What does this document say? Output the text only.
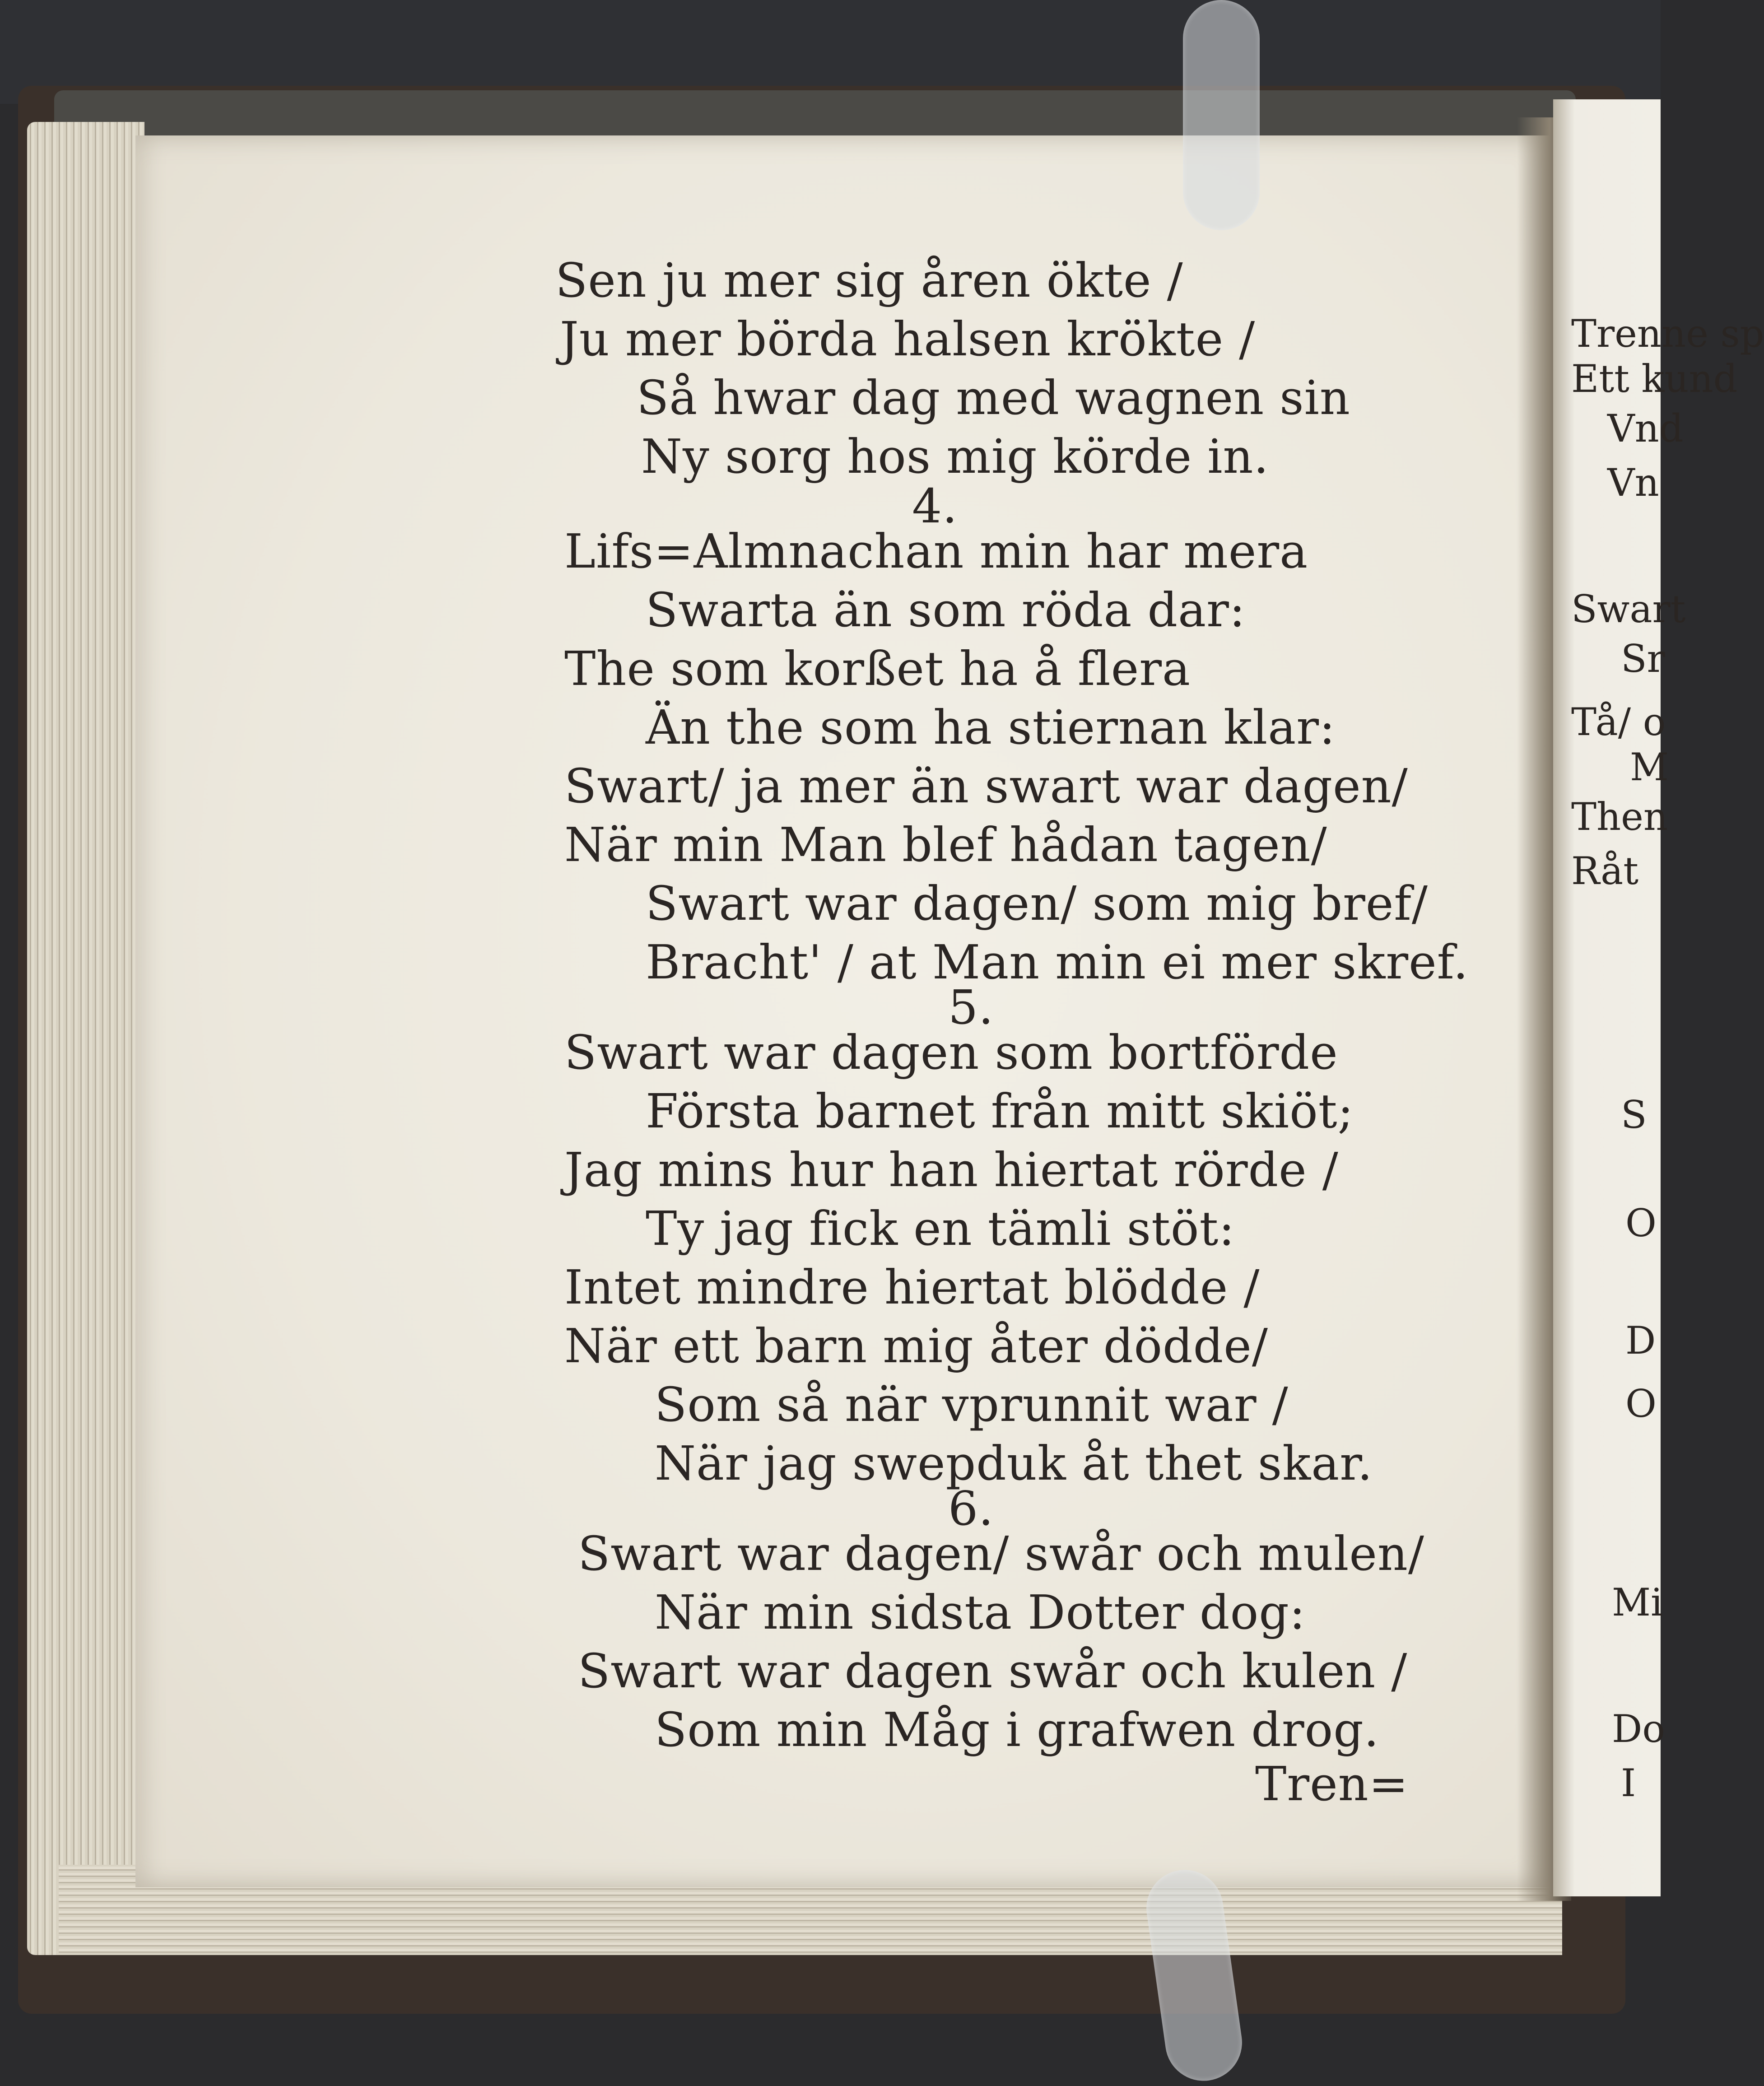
Sen ju mer sig åren ökte /
Ju mer börda halsen krökte /
Så hwar dag med wagnen sin
Ny sorg hos mig körde in.
4.
Lifs=Almnachan min har mera
Swarta än som röda dar:
The som korßet ha å flera
Än the som ha stiernan klar:
Swart/ ja mer än swart war dagen/
När min Man blef hådan tagen/
Swart war dagen/ som mig bref/
Bracht' / at Man min ei mer skref.
5.
Swart war dagen som bortförde
Första barnet från mitt skiöt;
Jag mins hur han hiertat rörde /
Ty jag fick en tämli stöt:
Intet mindre hiertat blödde /
När ett barn mig åter dödde/
Som så när vprunnit war /
När jag swepduk åt thet skar.
6.
Swart war dagen/ swår och mulen/
När min sidsta Dotter dog:
Swart war dagen swår och kulen /
Som min Måg i grafwen drog.
Tren=
Trenne sp
Ett kund
Vnd
Vn
Swart
Sr
Tå/ o
M
Then
Råt
S
O
D
O
Mi
Do
I
